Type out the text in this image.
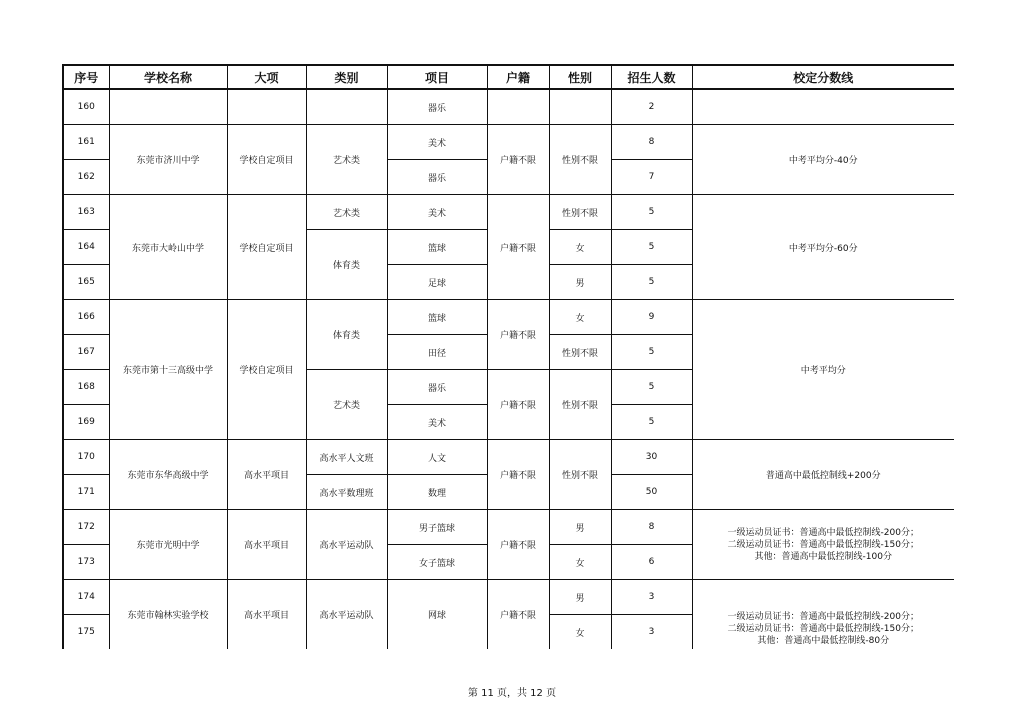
序号	学校名称	大项	类别	项目	户籍	性别	招生人数	校定分数线
160				器乐			2	
161	东莞市济川中学	学校自定项目	艺术类	美术	户籍不限	性别不限	8	中考平均分-40分
162				器乐			7	
163	东莞市大岭山中学	学校自定项目	艺术类	美术	户籍不限	性别不限	5	中考平均分-60分
164			体育类	篮球		女	5	
165				足球		男	5	
166	东莞市第十三高级中学	学校自定项目	体育类	篮球	户籍不限	女	9	中考平均分
167				田径		性别不限	5	
168			艺术类	器乐	户籍不限	性别不限	5	
169				美术			5	
170	东莞市东华高级中学	高水平项目	高水平人文班	人文	户籍不限	性别不限	30	普通高中最低控制线+200分
171			高水平数理班	数理			50	
172	东莞市光明中学	高水平项目	高水平运动队	男子篮球	户籍不限	男	8	一级运动员证书：普通高中最低控制线-200分；
二级运动员证书：普通高中最低控制线-150分；
其他：普通高中最低控制线-100分
173				女子篮球		女	6	
174	东莞市翰林实验学校	高水平项目	高水平运动队	网球	户籍不限	男	3	一级运动员证书：普通高中最低控制线-200分；
二级运动员证书：普通高中最低控制线-150分；
其他：普通高中最低控制线-80分
175						女	3	
第 11 页，共 12 页
